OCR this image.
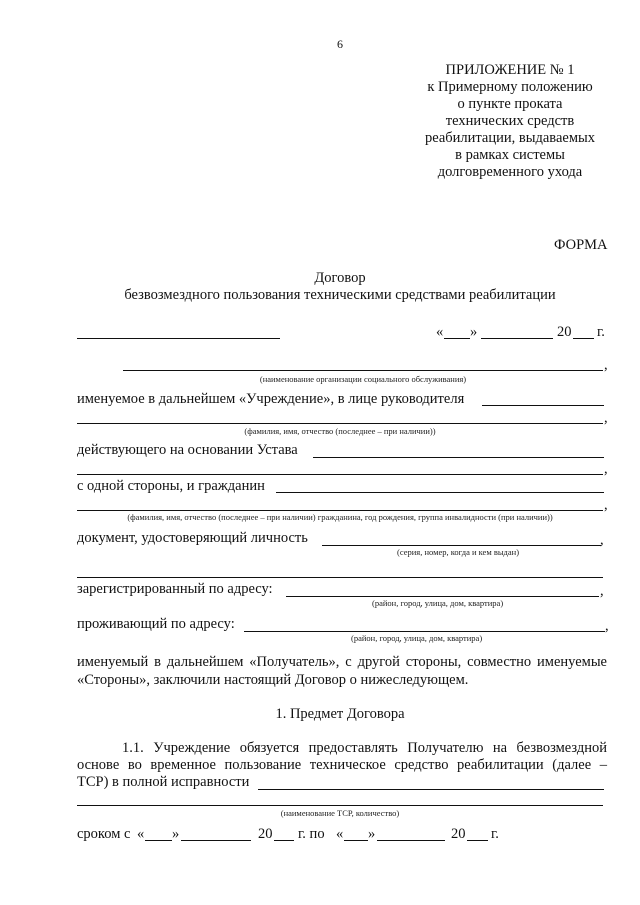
6
ПРИЛОЖЕНИЕ № 1
к Примерному положению
о пункте проката
технических средств
реабилитации, выдаваемых
в рамках системы
долговременного ухода
ФОРМА
Договор
безвозмездного пользования техническими средствами реабилитации
« »	20 г.
,
(наименование организации социального обслуживания)
именуемое в дальнейшем «Учреждение», в лице руководителя
,
(фамилия, имя, отчество (последнее – при наличии))
действующего на основании Устава
,
с одной стороны, и гражданин
,
(фамилия, имя, отчество (последнее – при наличии) гражданина, год рождения, группа инвалидности (при наличии))
документ, удостоверяющий личность	,
(серия, номер, когда и кем выдан)
зарегистрированный по адресу:	,
(район, город, улица, дом, квартира)
проживающий по адресу:	,
(район, город, улица, дом, квартира)
именуемый в дальнейшем «Получатель», с другой стороны, совместно именуемые
«Стороны», заключили настоящий Договор о нижеследующем.
1. Предмет Договора
1.1. Учреждение обязуется предоставлять Получателю на безвозмездной
основе во временное пользование техническое средство реабилитации (далее –
ТСР) в полной исправности
(наименование ТСР, количество)
сроком с « »	20 г. по « »	20 г.
